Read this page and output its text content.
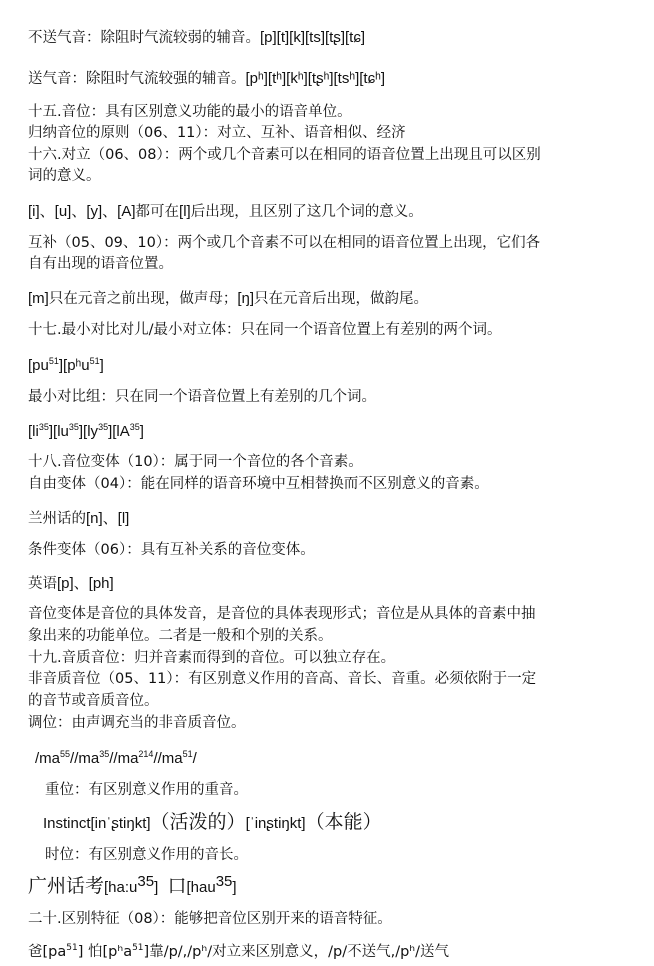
不送气音：除阻时气流较弱的辅音。[p][t][k][ts][tʂ][tɕ]
送气音：除阻时气流较强的辅音。[pʰ][tʰ][kʰ][tʂʰ][tsʰ][tɕʰ]
十五.音位：具有区别意义功能的最小的语音单位。
归纳音位的原则（06、11）：对立、互补、语音相似、经济
十六.对立（06、08）：两个或几个音素可以在相同的语音位置上出现且可以区别
词的意义。
[i]、[u]、[y]、[A]都可在[l]后出现，且区别了这几个词的意义。
互补（05、09、10）：两个或几个音素不可以在相同的语音位置上出现，它们各
自有出现的语音位置。
[m]只在元音之前出现，做声母；[ŋ]只在元音后出现，做韵尾。
十七.最小对比对儿/最小对立体：只在同一个语音位置上有差别的两个词。
$[pu^{51}][pʰu^{51}]$
最小对比组：只在同一个语音位置上有差别的几个词。
$[li^{35}][lu^{35}][ly^{35}][lA^{35}]$
十八.音位变体（10）：属于同一个音位的各个音素。
自由变体（04）：能在同样的语音环境中互相替换而不区别意义的音素。
兰州话的[n]、[l]
条件变体（06）：具有互补关系的音位变体。
英语[p]、[ph]
音位变体是音位的具体发音，是音位的具体表现形式；音位是从具体的音素中抽
象出来的功能单位。二者是一般和个别的关系。
十九.音质音位：归并音素而得到的音位。可以独立存在。
非音质音位（05、11）：有区别意义作用的音高、音长、音重。必须依附于一定
的音节或音质音位。
调位：由声调充当的非音质音位。
$/ma^{55}//ma^{35}//ma^{214}//ma^{51}/$
重位：有区别意义作用的重音。
Instinct[inˈʂtiŋkt]（活泼的）[ˈinʂtiŋkt]（本能）
时位：有区别意义作用的音长。
广州话考$[ha:u^{35}]$ 口[hau$^{35}$]
二十.区别特征（08）：能够把音位区别开来的语音特征。
爸$[pa^{51}]$ 怕[pʰa$^{51}$]靠/p/,/pʰ/对立来区别意义，/p/不送气,/pʰ/送气
